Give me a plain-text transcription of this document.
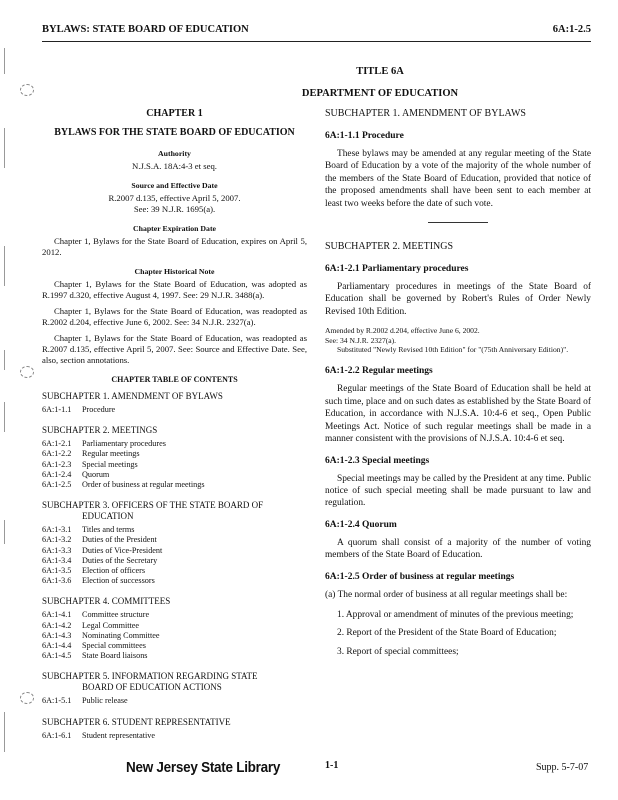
BYLAWS: STATE BOARD OF EDUCATION	6A:1-2.5
TITLE 6A
DEPARTMENT OF EDUCATION
CHAPTER 1
BYLAWS FOR THE STATE BOARD OF EDUCATION
Authority
N.J.S.A. 18A:4-3 et seq.
Source and Effective Date
R.2007 d.135, effective April 5, 2007.
See: 39 N.J.R. 1695(a).
Chapter Expiration Date

Chapter 1, Bylaws for the State Board of Education, expires on April 5, 2012.

Chapter Historical Note

Chapter 1, Bylaws for the State Board of Education, was adopted as R.1997 d.320, effective August 4, 1997. See: 29 N.J.R. 3488(a).

Chapter 1, Bylaws for the State Board of Education, was readopted as R.2002 d.204, effective June 6, 2002. See: 34 N.J.R. 2327(a).

Chapter 1, Bylaws for the State Board of Education, was readopted as R.2007 d.135, effective April 5, 2007. See: Source and Effective Date. See, also, section annotations.

CHAPTER TABLE OF CONTENTS
SUBCHAPTER 1. AMENDMENT OF BYLAWS
6A:1-1.1 Procedure
SUBCHAPTER 2. MEETINGS
6A:1-2.1 Parliamentary procedures
6A:1-2.2 Regular meetings
6A:1-2.3 Special meetings
6A:1-2.4 Quorum
6A:1-2.5 Order of business at regular meetings
SUBCHAPTER 3. OFFICERS OF THE STATE BOARD OF
EDUCATION
6A:1-3.1 Titles and terms
6A:1-3.2 Duties of the President
6A:1-3.3 Duties of Vice-President
6A:1-3.4 Duties of the Secretary
6A:1-3.5 Election of officers
6A:1-3.6 Election of successors
SUBCHAPTER 4. COMMITTEES
6A:1-4.1 Committee structure
6A:1-4.2 Legal Committee
6A:1-4.3 Nominating Committee
6A:1-4.4 Special committees
6A:1-4.5 State Board liaisons
SUBCHAPTER 5. INFORMATION REGARDING STATE
BOARD OF EDUCATION ACTIONS
6A:1-5.1 Public release
SUBCHAPTER 6. STUDENT REPRESENTATIVE
6A:1-6.1 Student representative
SUBCHAPTER 1. AMENDMENT OF BYLAWS
6A:1-1.1 Procedure

These bylaws may be amended at any regular meeting of the State Board of Education by a vote of the majority of the whole number of the members of the State Board of Education, provided that notice of the proposed amendments shall have been sent to each member at least two weeks before the date of such vote.

SUBCHAPTER 2. MEETINGS
6A:1-2.1 Parliamentary procedures

Parliamentary procedures in meetings of the State Board of Education shall be governed by Robert's Rules of Order Newly Revised 10th Edition.

Amended by R.2002 d.204, effective June 6, 2002.
See: 34 N.J.R. 2327(a).
Substituted "Newly Revised 10th Edition" for "(75th Anniversary Edition)".
6A:1-2.2 Regular meetings

Regular meetings of the State Board of Education shall be held at such time, place and on such dates as established by the State Board of Education, in accordance with N.J.S.A. 10:4-6 et seq., Open Public Meetings Act. Notice of such regular meetings shall be made in a manner consistent with the provisions of N.J.S.A. 10:4-6 et seq.

6A:1-2.3 Special meetings

Special meetings may be called by the President at any time. Public notice of such special meeting shall be made pursuant to law and regulation.

6A:1-2.4 Quorum

A quorum shall consist of a majority of the number of voting members of the State Board of Education.

6A:1-2.5 Order of business at regular meetings

(a) The normal order of business at all regular meetings shall be:

1. Approval or amendment of minutes of the previous meeting;

2. Report of the President of the State Board of Education;

3. Report of special committees;

New Jersey State Library	1-1	Supp. 5-7-07
